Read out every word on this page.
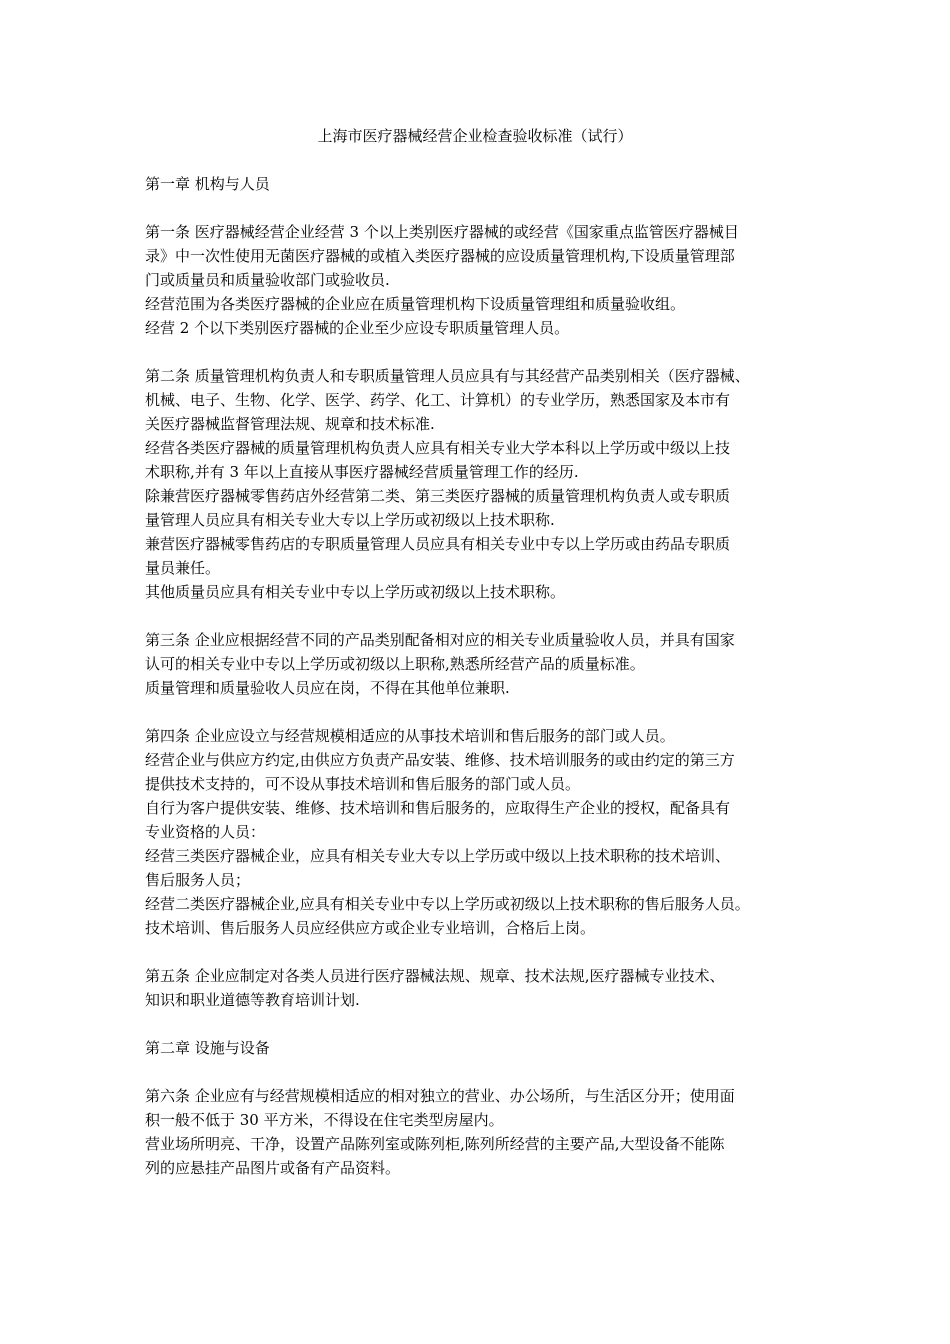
上海市医疗器械经营企业检查验收标准（试行）
第一章 机构与人员
第一条 医疗器械经营企业经营 3 个以上类别医疗器械的或经营《国家重点监管医疗器械目
录》中一次性使用无菌医疗器械的或植入类医疗器械的应设质量管理机构,下设质量管理部
门或质量员和质量验收部门或验收员.
经营范围为各类医疗器械的企业应在质量管理机构下设质量管理组和质量验收组。
经营 2 个以下类别医疗器械的企业至少应设专职质量管理人员。
第二条 质量管理机构负责人和专职质量管理人员应具有与其经营产品类别相关（医疗器械、
机械、电子、生物、化学、医学、药学、化工、计算机）的专业学历，熟悉国家及本市有
关医疗器械监督管理法规、规章和技术标准.
经营各类医疗器械的质量管理机构负责人应具有相关专业大学本科以上学历或中级以上技
术职称,并有 3 年以上直接从事医疗器械经营质量管理工作的经历.
除兼营医疗器械零售药店外经营第二类、第三类医疗器械的质量管理机构负责人或专职质
量管理人员应具有相关专业大专以上学历或初级以上技术职称.
兼营医疗器械零售药店的专职质量管理人员应具有相关专业中专以上学历或由药品专职质
量员兼任。
其他质量员应具有相关专业中专以上学历或初级以上技术职称。
第三条 企业应根据经营不同的产品类别配备相对应的相关专业质量验收人员，并具有国家
认可的相关专业中专以上学历或初级以上职称,熟悉所经营产品的质量标准。
质量管理和质量验收人员应在岗，不得在其他单位兼职.
第四条 企业应设立与经营规模相适应的从事技术培训和售后服务的部门或人员。
经营企业与供应方约定,由供应方负责产品安装、维修、技术培训服务的或由约定的第三方
提供技术支持的，可不设从事技术培训和售后服务的部门或人员。
自行为客户提供安装、维修、技术培训和售后服务的，应取得生产企业的授权，配备具有
专业资格的人员：
经营三类医疗器械企业，应具有相关专业大专以上学历或中级以上技术职称的技术培训、
售后服务人员；
经营二类医疗器械企业,应具有相关专业中专以上学历或初级以上技术职称的售后服务人员。
技术培训、售后服务人员应经供应方或企业专业培训，合格后上岗。
第五条 企业应制定对各类人员进行医疗器械法规、规章、技术法规,医疗器械专业技术、
知识和职业道德等教育培训计划.
第二章 设施与设备
第六条 企业应有与经营规模相适应的相对独立的营业、办公场所，与生活区分开；使用面
积一般不低于 30 平方米，不得设在住宅类型房屋内。
营业场所明亮、干净，设置产品陈列室或陈列柜,陈列所经营的主要产品,大型设备不能陈
列的应悬挂产品图片或备有产品资料。
